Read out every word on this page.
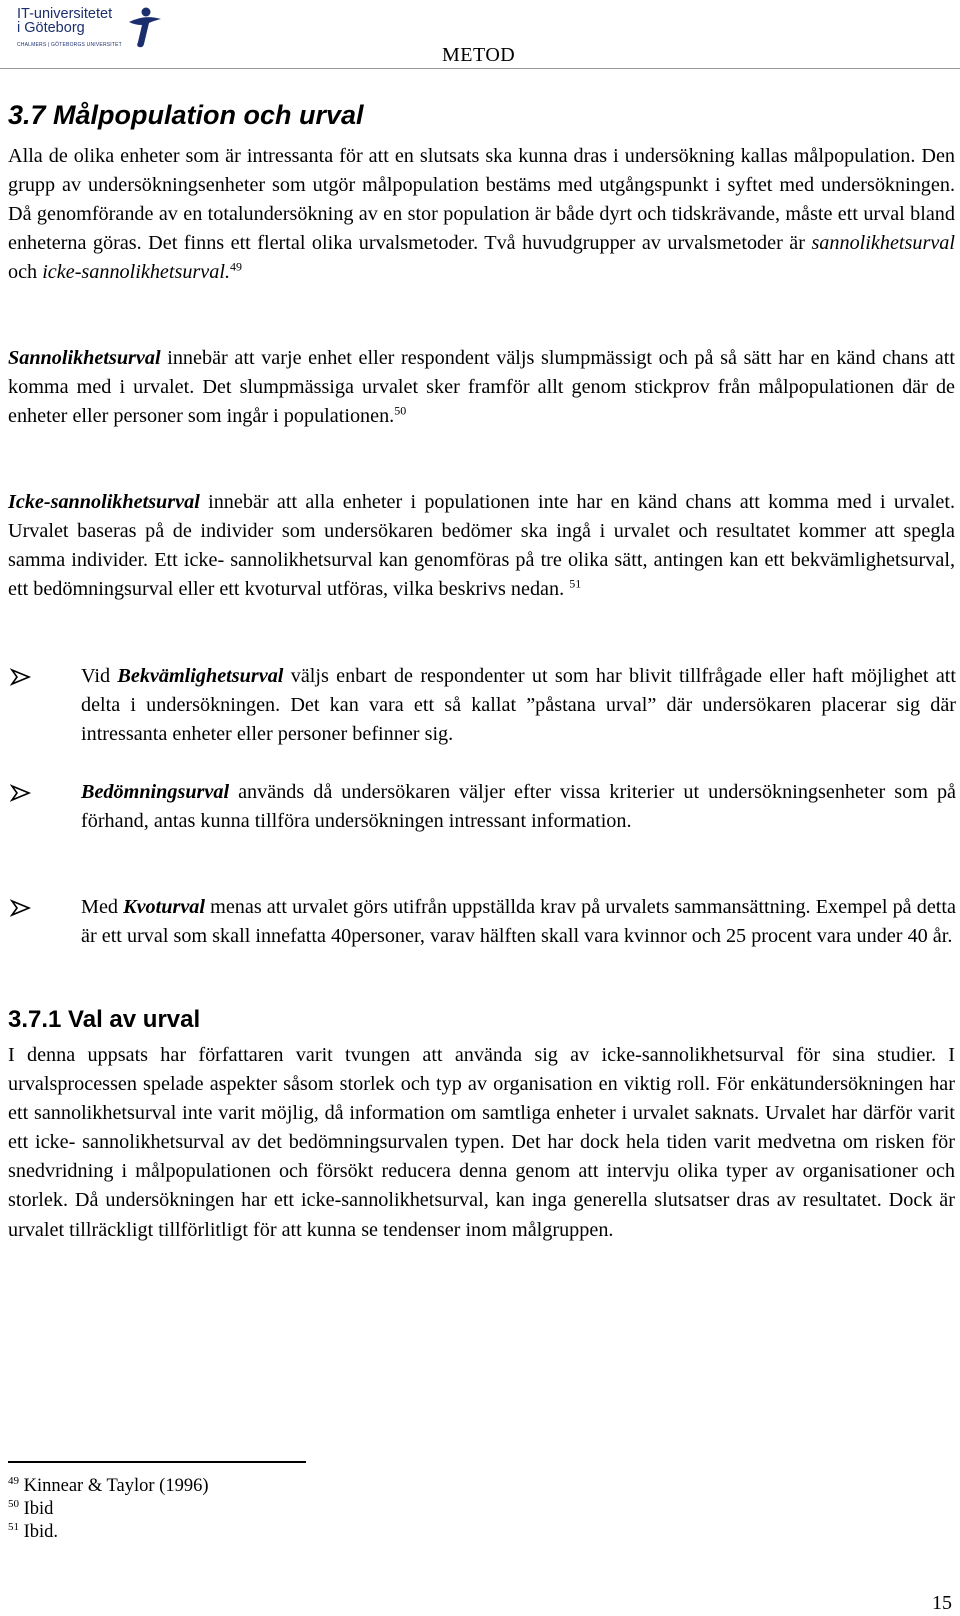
IT-universitetet
i Göteborg
CHALMERS | GÖTEBORGS UNIVERSITET	METOD
3.7 Målpopulation och urval
Alla de olika enheter som är intressanta för att en slutsats ska kunna dras i undersökning kallas målpopulation. Den grupp av undersökningsenheter som utgör målpopulation bestäms med utgångspunkt i syftet med undersökningen. Då genomförande av en totalundersökning av en stor population är både dyrt och tidskrävande, måste ett urval bland enheterna göras. Det finns ett flertal olika urvalsmetoder. Två huvudgrupper av urvalsmetoder är sannolikhetsurval och icke-sannolikhetsurval.$^{49}$
Sannolikhetsurval innebär att varje enhet eller respondent väljs slumpmässigt och på så sätt har en känd chans att komma med i urvalet. Det slumpmässiga urvalet sker framför allt genom stickprov från målpopulationen där de enheter eller personer som ingår i populationen.$^{50}$
Icke-sannolikhetsurval innebär att alla enheter i populationen inte har en känd chans att komma med i urvalet. Urvalet baseras på de individer som undersökaren bedömer ska ingå i urvalet och resultatet kommer att spegla samma individer. Ett icke- sannolikhetsurval kan genomföras på tre olika sätt, antingen kan ett bekvämlighetsurval, ett bedömningsurval eller ett kvoturval utföras, vilka beskrivs nedan. $^{51}$
Vid Bekvämlighetsurval väljs enbart de respondenter ut som har blivit tillfrågade eller haft möjlighet att delta i undersökningen. Det kan vara ett så kallat ”påstana urval” där undersökaren placerar sig där intressanta enheter eller personer befinner sig.
Bedömningsurval används då undersökaren väljer efter vissa kriterier ut undersökningsenheter som på förhand, antas kunna tillföra undersökningen intressant information.
Med Kvoturval menas att urvalet görs utifrån uppställda krav på urvalets sammansättning. Exempel på detta är ett urval som skall innefatta 40personer, varav hälften skall vara kvinnor och 25 procent vara under 40 år.
3.7.1 Val av urval
I denna uppsats har författaren varit tvungen att använda sig av icke-sannolikhetsurval för sina studier. I urvalsprocessen spelade aspekter såsom storlek och typ av organisation en viktig roll. För enkätundersökningen har ett sannolikhetsurval inte varit möjlig, då information om samtliga enheter i urvalet saknats. Urvalet har därför varit ett icke- sannolikhetsurval av det bedömningsurvalen typen. Det har dock hela tiden varit medvetna om risken för snedvridning i målpopulationen och försökt reducera denna genom att intervju olika typer av organisationer och storlek. Då undersökningen har ett icke-sannolikhetsurval, kan inga generella slutsatser dras av resultatet. Dock är urvalet tillräckligt tillförlitligt för att kunna se tendenser inom målgruppen.
$^{49}$ Kinnear & Taylor (1996)
$^{50}$ Ibid
$^{51}$ Ibid.
15
